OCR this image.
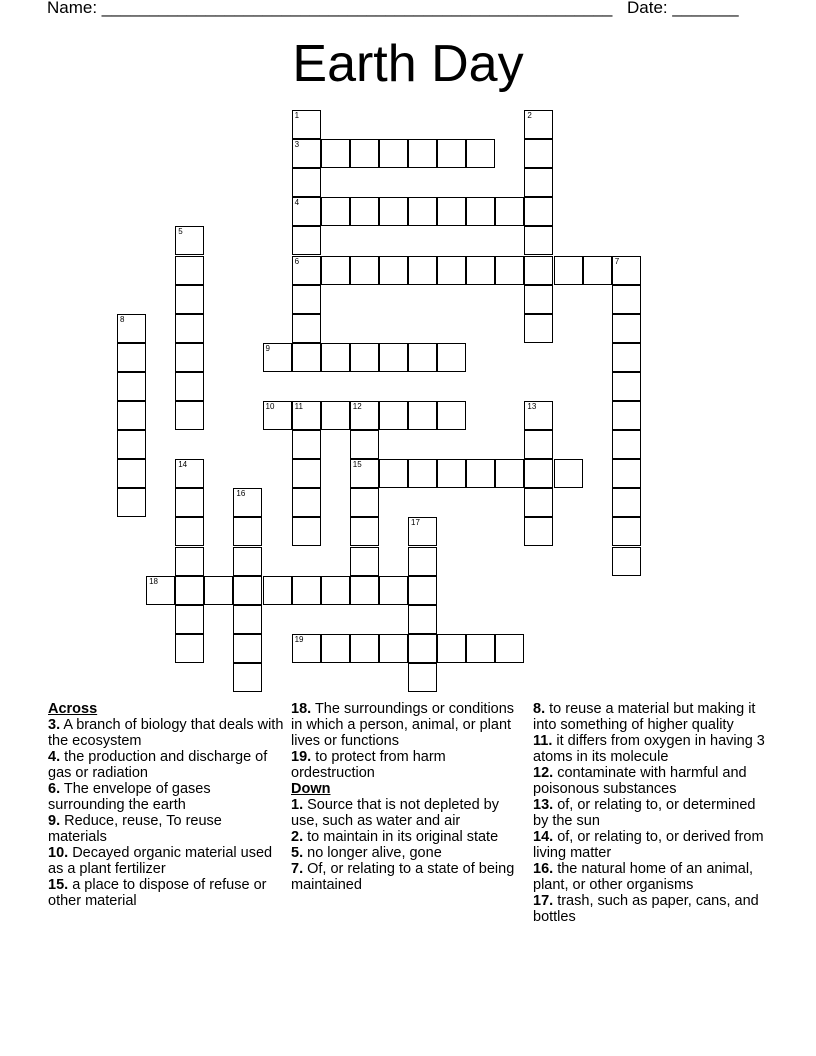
Name: ______________________________________________________ Date: _______
Earth Day
1
3
4
6
2
5
7
8
9
10	11	12
15
13
14
16
17
18
19

Across

3. A branch of biology that deals with the ecosystem

4. the production and discharge of gas or radiation

6. The envelope of gases surrounding the earth

9. Reduce, reuse, To reuse materials

10. Decayed organic material used as a plant fertilizer

15. a place to dispose of refuse or other material

18. The surroundings or conditions in which a person, animal, or plant lives or functions

19. to protect from harm ordestruction

Down

1. Source that is not depleted by use, such as water and air

2. to maintain in its original state

5. no longer alive, gone

7. Of, or relating to a state of being maintained

8. to reuse a material but making it into something of higher quality

11. it differs from oxygen in having 3 atoms in its molecule

12. contaminate with harmful and poisonous substances

13. of, or relating to, or determined by the sun

14. of, or relating to, or derived from living matter

16. the natural home of an animal, plant, or other organisms

17. trash, such as paper, cans, and bottles
